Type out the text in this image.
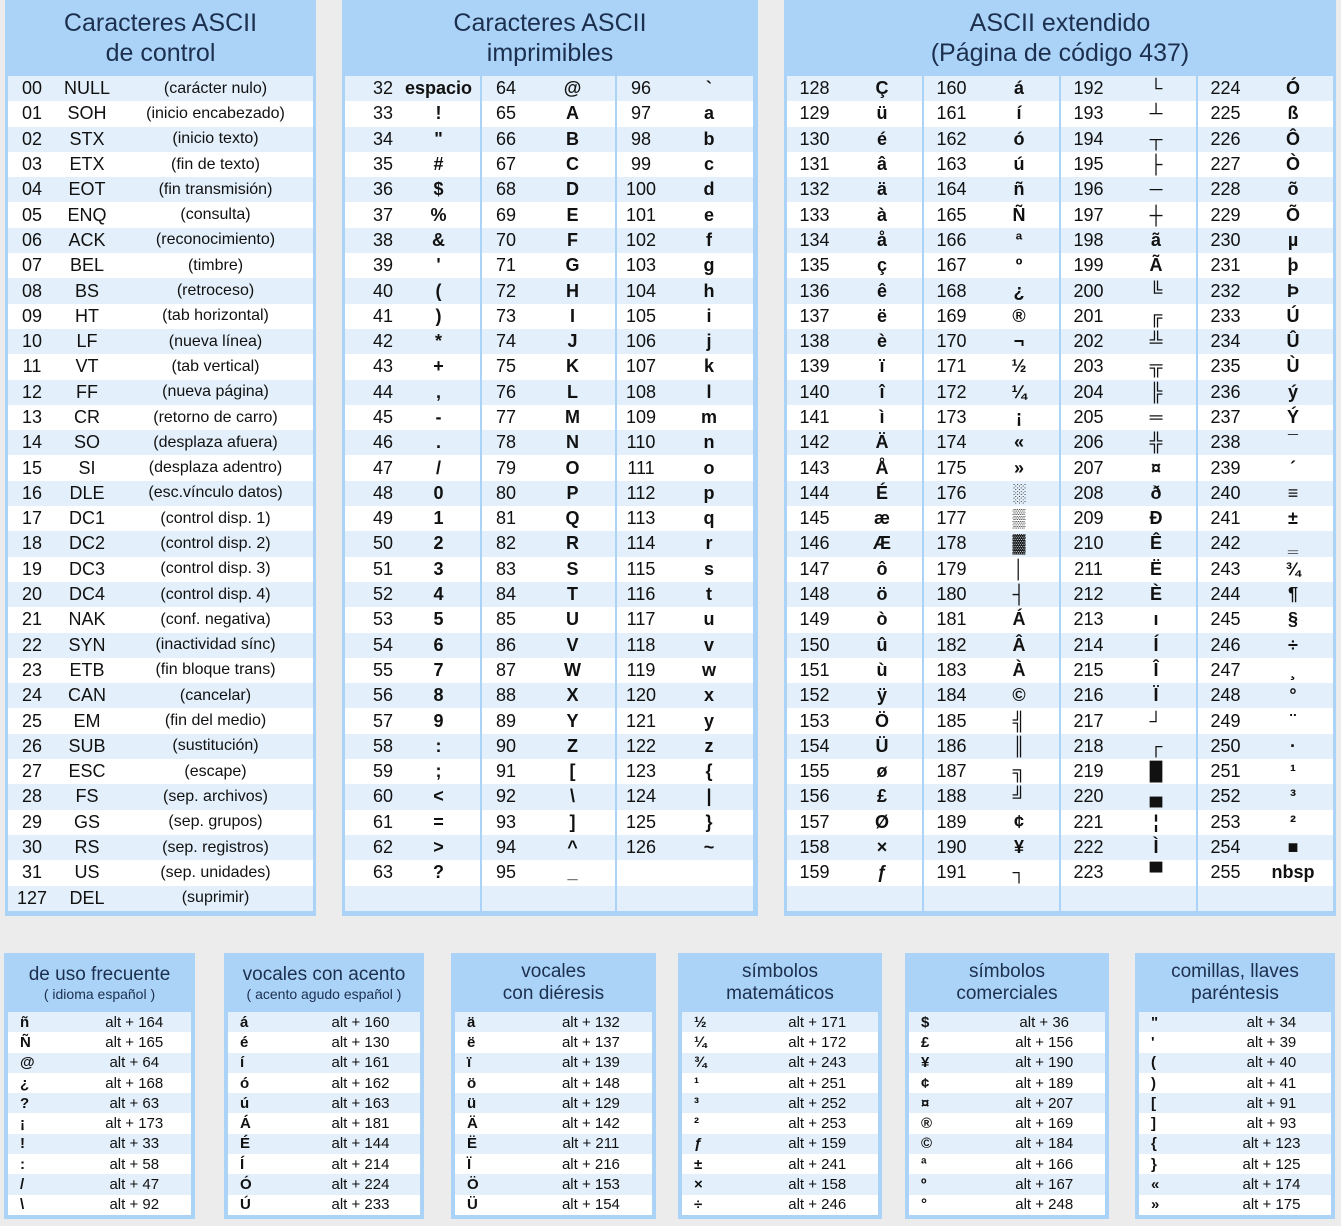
Caracteres ASCII
de control
00	NULL	(carácter nulo)
01	SOH	(inicio encabezado)
02	STX	(inicio texto)
03	ETX	(fin de texto)
04	EOT	(fin transmisión)
05	ENQ	(consulta)
06	ACK	(reconocimiento)
07	BEL	(timbre)
08	BS	(retroceso)
09	HT	(tab horizontal)
10	LF	(nueva línea)
11	VT	(tab vertical)
12	FF	(nueva página)
13	CR	(retorno de carro)
14	SO	(desplaza afuera)
15	SI	(desplaza adentro)
16	DLE	(esc.vínculo datos)
17	DC1	(control disp. 1)
18	DC2	(control disp. 2)
19	DC3	(control disp. 3)
20	DC4	(control disp. 4)
21	NAK	(conf. negativa)
22	SYN	(inactividad sínc)
23	ETB	(fin bloque trans)
24	CAN	(cancelar)
25	EM	(fin del medio)
26	SUB	(sustitución)
27	ESC	(escape)
28	FS	(sep. archivos)
29	GS	(sep. grupos)
30	RS	(sep. registros)
31	US	(sep. unidades)
127	DEL	(suprimir)
Caracteres ASCII
imprimibles
32 espacio
33	!
34	"
35	#
36	$
37	%
38	&
39	'
40	(
41	)
42	*
43	+
44	,
45	-
46	.
47	/
48	0
49	1
50	2
51	3
52	4
53	5
54	6
55	7
56	8
57	9
58	:
59	;
60	<
61	=
62	>
63	?
64	@
65	A
66	B
67	C
68	D
69	E
70	F
71	G
72	H
73	I
74	J
75	K
76	L
77	M
78	N
79	O
80	P
81	Q
82	R
83	S
84	T
85	U
86	V
87	W
88	X
89	Y
90	Z
91	[
92	\
93	]
94	^
95	_
96	`
97	a
98	b
99	c
100	d
101	e
102	f
103	g
104	h
105	i
106	j
107	k
108	l
109	m
110	n
111	o
112	p
113	q
114	r
115	s
116	t
117	u
118	v
119	w
120	x
121	y
122	z
123	{
124	|
125	}
126	~
ASCII extendido
(Página de código 437)
128	Ç
129	ü
130	é
131	â
132	ä
133	à
134	å
135	ç
136	ê
137	ë
138	è
139	ï
140	î
141	ì
142	Ä
143	Å
144	É
145	æ
146	Æ
147	ô
148	ö
149	ò
150	û
151	ù
152	ÿ
153	Ö
154	Ü
155	ø
156	£
157	Ø
158	×
159	ƒ
160	á
161	í
162	ó
163	ú
164	ñ
165	Ñ
166	ª
167	º
168	¿
169	®
170	¬
171	½
172	¼
173	¡
174	«
175	»
176	░
177	▒
178	▓
179	│
180	┤
181	Á
182	Â
183	À
184	©
185	╣
186	║
187	╗
188	╝
189	¢
190	¥
191	┐
192	└
193	┴
194	┬
195	├
196	─
197	┼
198	ã
199	Ã
200	╚
201	╔
202	╩
203	╦
204	╠
205	═
206	╬
207	¤
208	ð
209	Ð
210	Ê
211	Ë
212	È
213	ı
214	Í
215	Î
216	Ï
217	┘
218	┌
219	█
220	▄
221	¦
222	Ì
223	▀
224	Ó
225	ß
226	Ô
227	Ò
228	õ
229	Õ
230	µ
231	þ
232	Þ
233	Ú
234	Û
235	Ù
236	ý
237	Ý
238	¯
239	´
240	≡
241	±
242	‗
243	¾
244	¶
245	§
246	÷
247	¸
248	°
249	¨
250	·
251	¹
252	³
253	²
254	■
255	nbsp
de uso frecuente
( idioma español )
ñ	alt + 164
Ñ	alt + 165
@	alt + 64
¿	alt + 168
?	alt + 63
¡	alt + 173
!	alt + 33
:	alt + 58
/	alt + 47
\	alt + 92
vocales con acento
( acento agudo español )
á	alt + 160
é	alt + 130
í	alt + 161
ó	alt + 162
ú	alt + 163
Á	alt + 181
É	alt + 144
Í	alt + 214
Ó	alt + 224
Ú	alt + 233
vocales
con diéresis
ä	alt + 132
ë	alt + 137
ï	alt + 139
ö	alt + 148
ü	alt + 129
Ä	alt + 142
Ë	alt + 211
Ï	alt + 216
Ö	alt + 153
Ü	alt + 154
símbolos
matemáticos
½	alt + 171
¼	alt + 172
¾	alt + 243
¹	alt + 251
³	alt + 252
²	alt + 253
ƒ	alt + 159
±	alt + 241
×	alt + 158
÷	alt + 246
símbolos
comerciales
$	alt + 36
£	alt + 156
¥	alt + 190
¢	alt + 189
¤	alt + 207
®	alt + 169
©	alt + 184
ª	alt + 166
º	alt + 167
°	alt + 248
comillas, llaves
paréntesis
"	alt + 34
'	alt + 39
(	alt + 40
)	alt + 41
[	alt + 91
]	alt + 93
{	alt + 123
}	alt + 125
«	alt + 174
»	alt + 175
